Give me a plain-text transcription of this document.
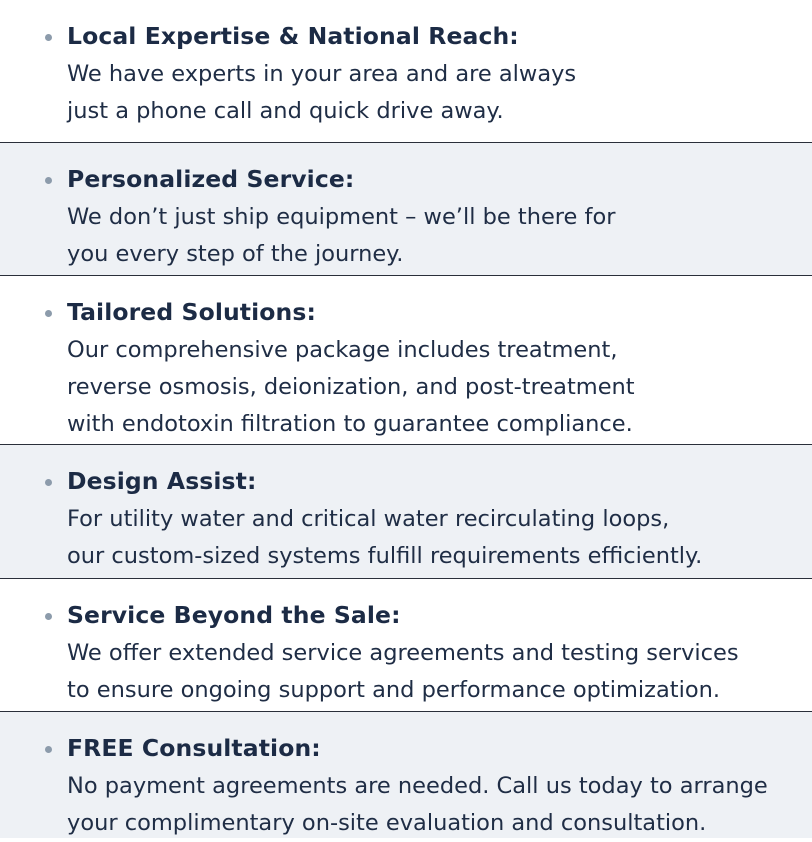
Local Expertise & National Reach:
We have experts in your area and are always
just a phone call and quick drive away.
Personalized Service:
We don’t just ship equipment – we’ll be there for
you every step of the journey.
Tailored Solutions:
Our comprehensive package includes treatment,
reverse osmosis, deionization, and post-treatment
with endotoxin filtration to guarantee compliance.
Design Assist:
For utility water and critical water recirculating loops,
our custom-sized systems fulfill requirements efficiently.
Service Beyond the Sale:
We offer extended service agreements and testing services
to ensure ongoing support and performance optimization.
FREE Consultation:
No payment agreements are needed. Call us today to arrange
your complimentary on-site evaluation and consultation.
